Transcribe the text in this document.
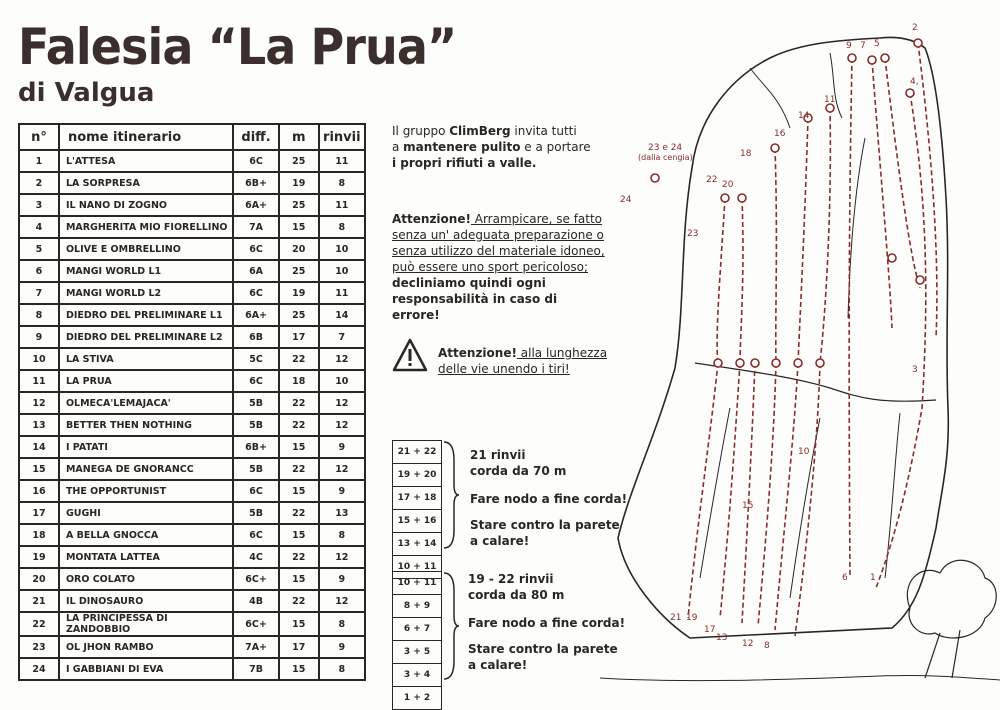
Falesia “La Prua”
di Valgua
n°	nome itinerario	diff.	m	rinvii
1	L'ATTESA	6C	25	11
2	LA SORPRESA	6B+	19	8
3	IL NANO DI ZOGNO	6A+	25	11
4	MARGHERITA MIO FIORELLINO	7A	15	8
5	OLIVE E OMBRELLINO	6C	20	10
6	MANGI WORLD L1	6A	25	10
7	MANGI WORLD L2	6C	19	11
8	DIEDRO DEL PRELIMINARE L1	6A+	25	14
9	DIEDRO DEL PRELIMINARE L2	6B	17	7
10	LA STIVA	5C	22	12
11	LA PRUA	6C	18	10
12	OLMECA'LEMAJACA'	5B	22	12
13	BETTER THEN NOTHING	5B	22	12
14	I PATATI	6B+	15	9
15	MANEGA DE GNORANCC	5B	22	12
16	THE OPPORTUNIST	6C	15	9
17	GUGHI	5B	22	13
18	A BELLA GNOCCA	6C	15	8
19	MONTATA LATTEA	4C	22	12
20	ORO COLATO	6C+	15	9
21	IL DINOSAURO	4B	22	12
22	LA PRINCIPESSA DI ZANDOBBIO	6C+	15	8
23	OL JHON RAMBO	7A+	17	9
24	I GABBIANI DI EVA	7B	15	8
Il gruppo ClimBerg invita tutti
a mantenere pulito e a portare
i propri rifiuti a valle.
Attenzione! Arrampicare, se fatto
senza un' adeguata preparazione o
senza utilizzo del materiale idoneo,
può essere uno sport pericoloso;
decliniamo quindi ogni
responsabilità in caso di
errore!
Attenzione! alla lunghezza
delle vie unendo i tiri!
21 + 22
19 + 20
17 + 18
15 + 16
13 + 14
10 + 11
21 rinvii
corda da 70 m
Fare nodo a fine corda!
Stare contro la parete
a calare!
10 + 11
8 + 9
6 + 7
3 + 5
3 + 4
1 + 2
19 - 22 rinvii
corda da 80 m
Fare nodo a fine corda!
Stare contro la parete
a calare!
2
9 7 5
4,
11
14
16
18
22 20
23
24
23 e 24
(dalla cengia)
3
10
15
6 1
21 19
17
13
12 8
